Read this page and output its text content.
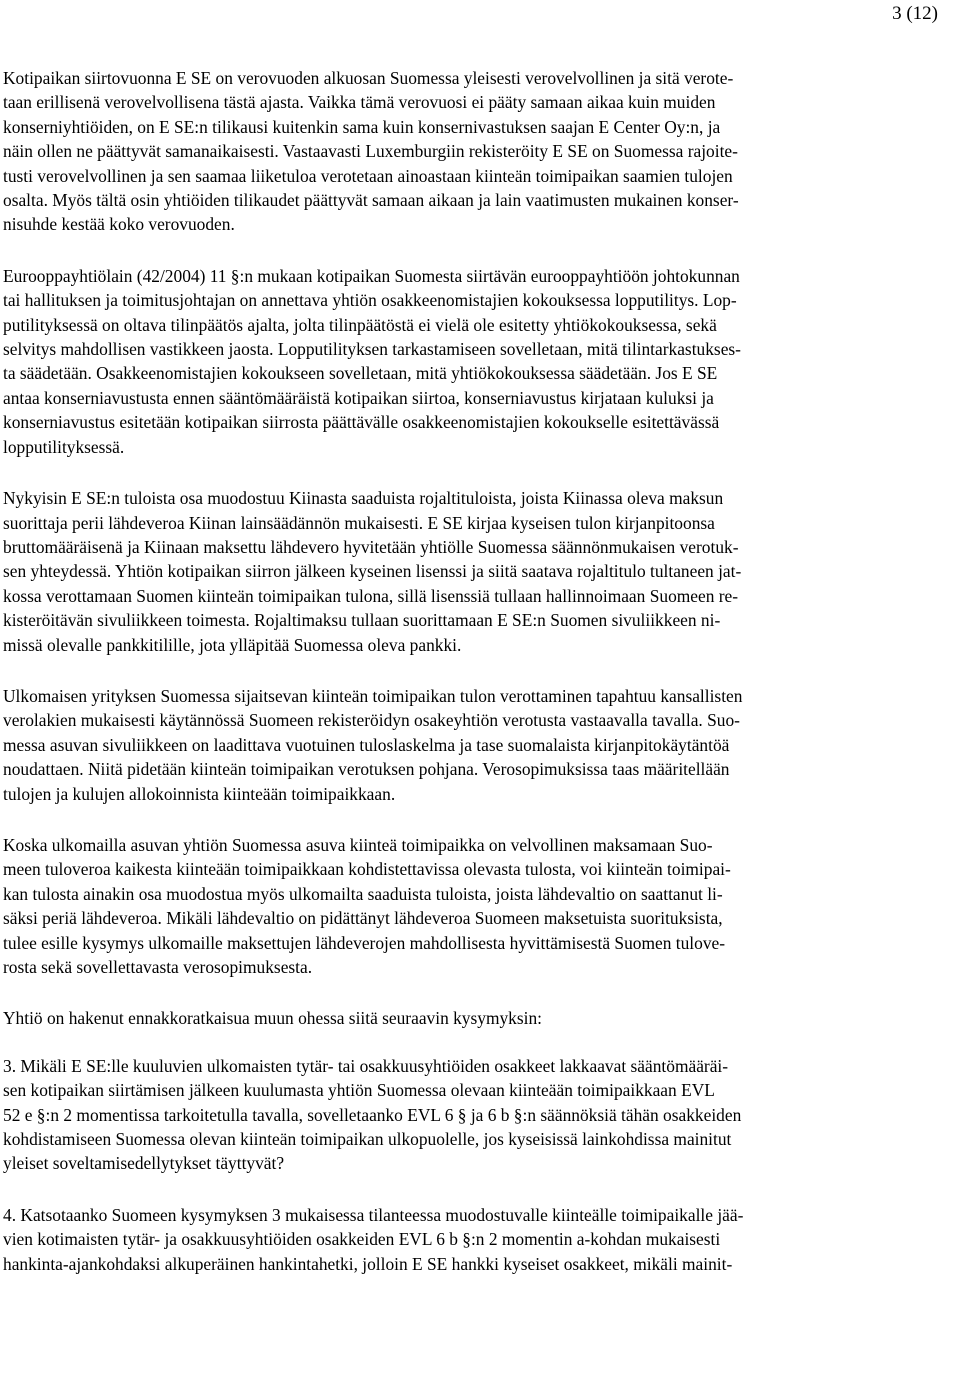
3 (12)

Kotipaikan siirtovuonna E SE on verovuoden alkuosan Suomessa yleisesti verovelvollinen ja sitä verote-
taan erillisenä verovelvollisena tästä ajasta. Vaikka tämä verovuosi ei pääty samaan aikaa kuin muiden
konserniyhtiöiden, on E SE:n tilikausi kuitenkin sama kuin konsernivastuksen saajan E Center Oy:n, ja
näin ollen ne päättyvät samanaikaisesti. Vastaavasti Luxemburgiin rekisteröity E SE on Suomessa rajoite-
tusti verovelvollinen ja sen saamaa liiketuloa verotetaan ainoastaan kiinteän toimipaikan saamien tulojen
osalta. Myös tältä osin yhtiöiden tilikaudet päättyvät samaan aikaan ja lain vaatimusten mukainen konser-
nisuhde kestää koko verovuoden.

Eurooppayhtiölain (42/2004) 11 §:n mukaan kotipaikan Suomesta siirtävän eurooppayhtiöön johtokunnan
tai hallituksen ja toimitusjohtajan on annettava yhtiön osakkeenomistajien kokouksessa lopputilitys. Lop-
putilityksessä on oltava tilinpäätös ajalta, jolta tilinpäätöstä ei vielä ole esitetty yhtiökokouksessa, sekä
selvitys mahdollisen vastikkeen jaosta. Lopputilityksen tarkastamiseen sovelletaan, mitä tilintarkastukses-
ta säädetään. Osakkeenomistajien kokoukseen sovelletaan, mitä yhtiökokouksessa säädetään. Jos E SE
antaa konserniavustusta ennen sääntömääräistä kotipaikan siirtoa, konserniavustus kirjataan kuluksi ja
konserniavustus esitetään kotipaikan siirrosta päättävälle osakkeenomistajien kokoukselle esitettävässä
lopputilityksessä.

Nykyisin E SE:n tuloista osa muodostuu Kiinasta saaduista rojaltituloista, joista Kiinassa oleva maksun
suorittaja perii lähdeveroa Kiinan lainsäädännön mukaisesti. E SE kirjaa kyseisen tulon kirjanpitoonsa
bruttomääräisenä ja Kiinaan maksettu lähdevero hyvitetään yhtiölle Suomessa säännönmukaisen verotuk-
sen yhteydessä. Yhtiön kotipaikan siirron jälkeen kyseinen lisenssi ja siitä saatava rojaltitulo tultaneen jat-
kossa verottamaan Suomen kiinteän toimipaikan tulona, sillä lisenssiä tullaan hallinnoimaan Suomeen re-
kisteröitävän sivuliikkeen toimesta. Rojaltimaksu tullaan suorittamaan E SE:n Suomen sivuliikkeen ni-
missä olevalle pankkitilille, jota ylläpitää Suomessa oleva pankki.

Ulkomaisen yrityksen Suomessa sijaitsevan kiinteän toimipaikan tulon verottaminen tapahtuu kansallisten
verolakien mukaisesti käytännössä Suomeen rekisteröidyn osakeyhtiön verotusta vastaavalla tavalla. Suo-
messa asuvan sivuliikkeen on laadittava vuotuinen tuloslaskelma ja tase suomalaista kirjanpitokäytäntöä
noudattaen. Niitä pidetään kiinteän toimipaikan verotuksen pohjana. Verosopimuksissa taas määritellään
tulojen ja kulujen allokoinnista kiinteään toimipaikkaan.

Koska ulkomailla asuvan yhtiön Suomessa asuva kiinteä toimipaikka on velvollinen maksamaan Suo-
meen tuloveroa kaikesta kiinteään toimipaikkaan kohdistettavissa olevasta tulosta, voi kiinteän toimipai-
kan tulosta ainakin osa muodostua myös ulkomailta saaduista tuloista, joista lähdevaltio on saattanut li-
säksi periä lähdeveroa. Mikäli lähdevaltio on pidättänyt lähdeveroa Suomeen maksetuista suorituksista,
tulee esille kysymys ulkomaille maksettujen lähdeverojen mahdollisesta hyvittämisestä Suomen tulove-
rosta sekä sovellettavasta verosopimuksesta.

Yhtiö on hakenut ennakkoratkaisua muun ohessa siitä seuraavin kysymyksin:

3. Mikäli E SE:lle kuuluvien ulkomaisten tytär- tai osakkuusyhtiöiden osakkeet lakkaavat sääntömääräi-
sen kotipaikan siirtämisen jälkeen kuulumasta yhtiön Suomessa olevaan kiinteään toimipaikkaan EVL
52 e §:n 2 momentissa tarkoitetulla tavalla, sovelletaanko EVL 6 § ja 6 b §:n säännöksiä tähän osakkeiden
kohdistamiseen Suomessa olevan kiinteän toimipaikan ulkopuolelle, jos kyseisissä lainkohdissa mainitut
yleiset soveltamisedellytykset täyttyvät?

4. Katsotaanko Suomeen kysymyksen 3 mukaisessa tilanteessa muodostuvalle kiinteälle toimipaikalle jää-
vien kotimaisten tytär- ja osakkuusyhtiöiden osakkeiden EVL 6 b §:n 2 momentin a-kohdan mukaisesti
hankinta-ajankohdaksi alkuperäinen hankintahetki, jolloin E SE hankki kyseiset osakkeet, mikäli mainit-
